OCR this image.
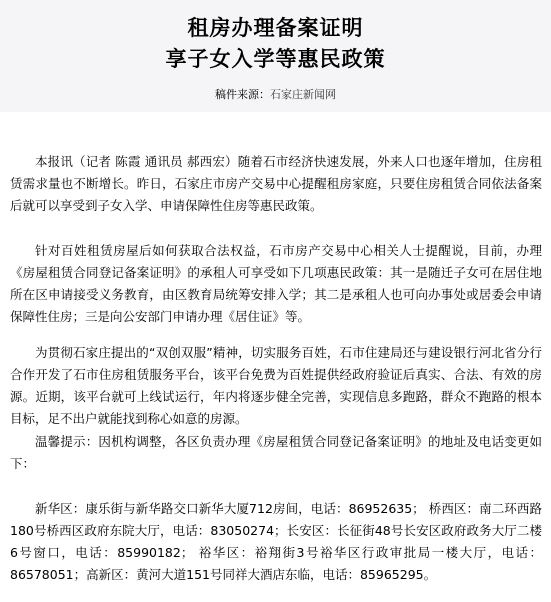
租房办理备案证明
享子女入学等惠民政策
稿件来源：石家庄新闻网

本报讯（记者 陈霞 通讯员 郝西宏）随着石市经济快速发展，外来人口也逐年增加，住房租赁需求量也不断增长。昨日，石家庄市房产交易中心提醒租房家庭，只要住房租赁合同依法备案后就可以享受到子女入学、申请保障性住房等惠民政策。

针对百姓租赁房屋后如何获取合法权益，石市房产交易中心相关人士提醒说，目前，办理《房屋租赁合同登记备案证明》的承租人可享受如下几项惠民政策：其一是随迁子女可在居住地所在区申请接受义务教育，由区教育局统筹安排入学；其二是承租人也可向办事处或居委会申请保障性住房；三是向公安部门申请办理《居住证》等。

为贯彻石家庄提出的“双创双服”精神，切实服务百姓，石市住建局还与建设银行河北省分行合作开发了石市住房租赁服务平台，该平台免费为百姓提供经政府验证后真实、合法、有效的房源。近期，该平台就可上线试运行，年内将逐步健全完善，实现信息多跑路，群众不跑路的根本目标，足不出户就能找到称心如意的房源。

温馨提示：因机构调整，各区负责办理《房屋租赁合同登记备案证明》的地址及电话变更如下：

新华区：康乐街与新华路交口新华大厦712房间，电话：86952635； 桥西区：南二环西路180号桥西区政府东院大厅，电话：83050274；长安区：长征街48号长安区政府政务大厅二楼6号窗口，电话：85990182； 裕华区：裕翔街3号裕华区行政审批局一楼大厅，电话：86578051；高新区：黄河大道151号同祥大酒店东临，电话：85965295。
